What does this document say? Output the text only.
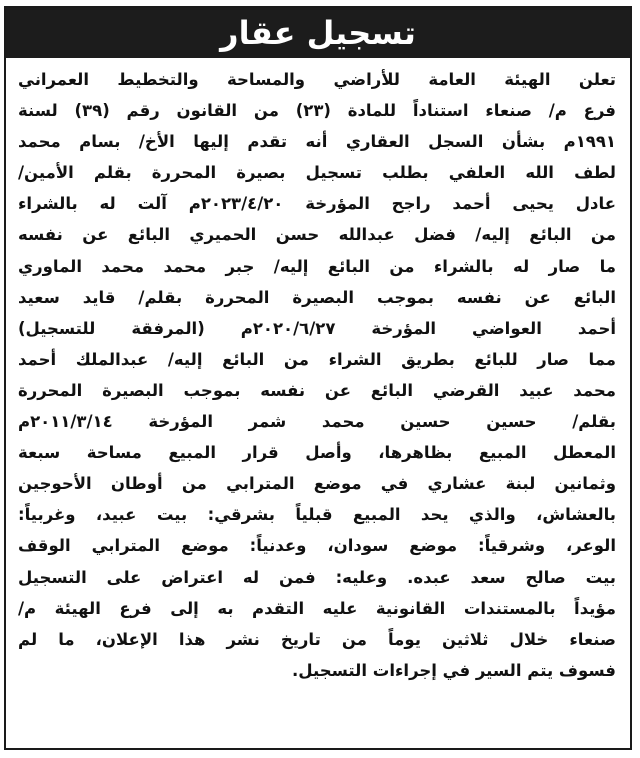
تسجيل عقار
تعلن الهيئة العامة للأراضي والمساحة والتخطيط العمراني
فرع م/ صنعاء استناداً للمادة (٢٣) من القانون رقم (٣٩) لسنة
١٩٩١م بشأن السجل العقاري أنه تقدم إليها الأخ/ بسام محمد
لطف الله العلفي بطلب تسجيل بصيرة المحررة بقلم الأمين/
عادل يحيى أحمد راجح المؤرخة ٢٠٢٣/٤/٢٠م آلت له بالشراء
من البائع إليه/ فضل عبدالله حسن الحميري البائع عن نفسه
ما صار له بالشراء من البائع إليه/ جبر محمد محمد الماوري
البائع عن نفسه بموجب البصيرة المحررة بقلم/ قايد سعيد
أحمد العواضي المؤرخة ٢٠٢٠/٦/٢٧م (المرفقة للتسجيل)
مما صار للبائع بطريق الشراء من البائع إليه/ عبدالملك أحمد
محمد عبيد القرضي البائع عن نفسه بموجب البصيرة المحررة
بقلم/ حسين حسين محمد شمر المؤرخة ٢٠١١/٣/١٤م
المعطل المبيع بظاهرها، وأصل قرار المبيع مساحة سبعة
وثمانين لبنة عشاري في موضع المترابي من أوطان الأحوجين
بالعشاش، والذي يحد المبيع قبلياً بشرقي: بيت عبيد، وغربياً:
الوعر، وشرقياً: موضع سودان، وعدنياً: موضع المترابي الوقف
بيت صالح سعد عبده. وعليه: فمن له اعتراض على التسجيل
مؤيداً بالمستندات القانونية عليه التقدم به إلى فرع الهيئة م/
صنعاء خلال ثلاثين يوماً من تاريخ نشر هذا الإعلان، ما لم
فسوف يتم السير في إجراءات التسجيل.
